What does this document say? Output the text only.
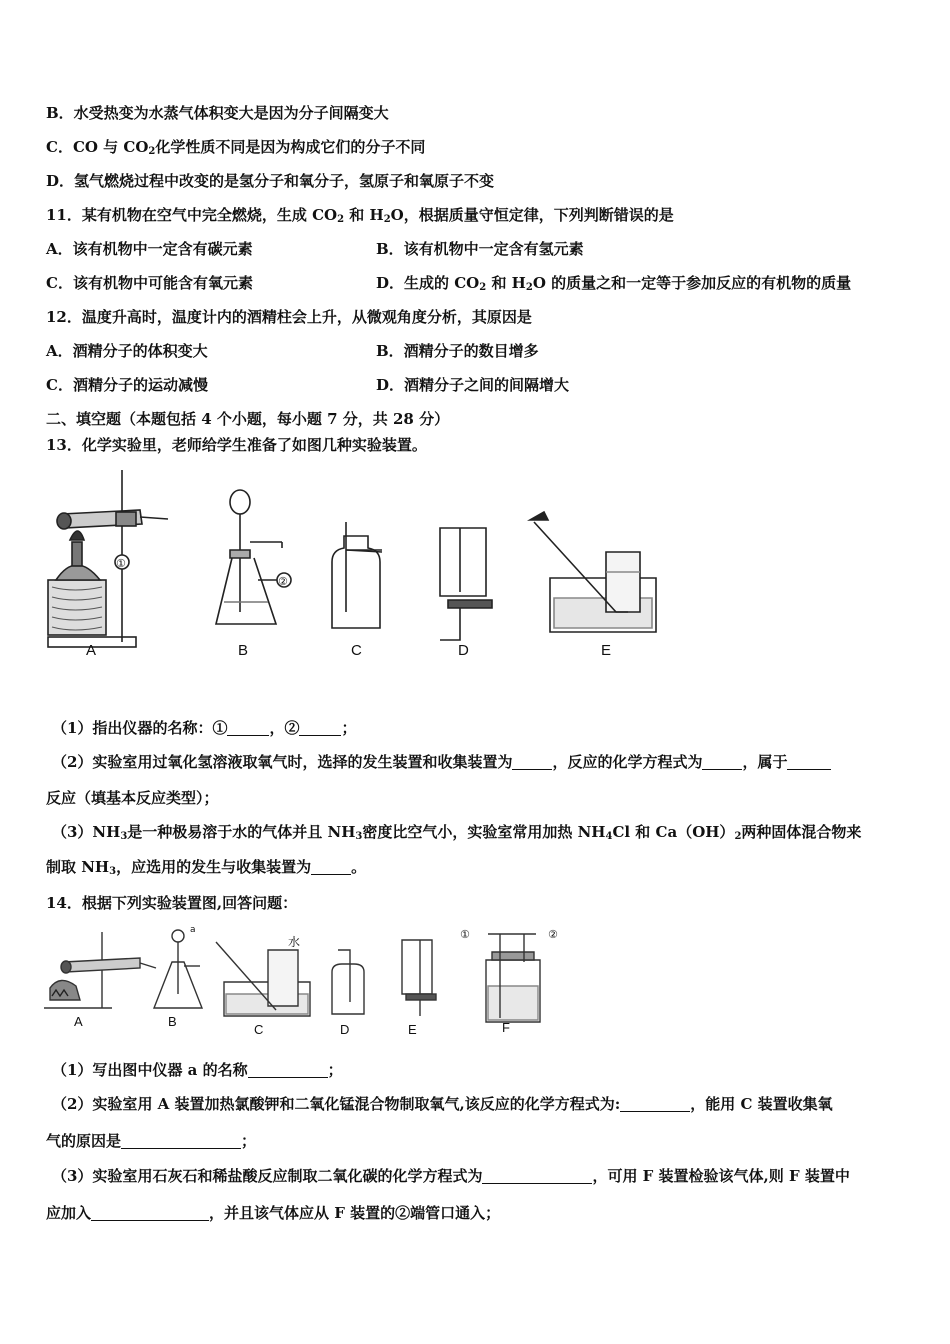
B．水受热变为水蒸气体积变大是因为分子间隔变大
C．CO 与 $CO_2$化学性质不同是因为构成它们的分子不同
D．氢气燃烧过程中改变的是氢分子和氧分子，氢原子和氧原子不变
11．某有机物在空气中完全燃烧，生成 $CO_2$ 和 $H_2O$，根据质量守恒定律，下列判断错误的是
A．该有机物中一定含有碳元素	B．该有机物中一定含有氢元素
C．该有机物中可能含有氧元素	D．生成的 $CO_2$ 和 $H_2O$ 的质量之和一定等于参加反应的有机物的质量
12．温度升高时，温度计内的酒精柱会上升，从微观角度分析，其原因是
A．酒精分子的体积变大	B．酒精分子的数目增多
C．酒精分子的运动减慢	D．酒精分子之间的间隔增大
二、填空题（本题包括 4 个小题，每小题 7 分，共 28 分）
13．化学实验里，老师给学生准备了如图几种实验装置。
①
②
A	B	C	D	E
（1）指出仪器的名称：①	，②	；
（2）实验室用过氧化氢溶液取氧气时，选择的发生装置和收集装置为	，反应的化学方程式为	，属于
反应（填基本反应类型）；
$(3)NH_3$是一种极易溶于水的气体并且 $NH_3$密度比空气小，实验室常用加热 $NH_4Cl$ 和 $Ca(OH)_2$两种固体混合物来
制取 $NH_3$，应选用的发生与收集装置为	。
14．根据下列实验装置图,回答问题：
a
水
①	②
A	B
C	D	E	F
（1）写出图中仪器 a 的名称	；
（2）实验室用 A 装置加热氯酸钾和二氧化锰混合物制取氧气,该反应的化学方程式为:	，能用 C 装置收集氧
气的原因是	；
（3）实验室用石灰石和稀盐酸反应制取二氧化碳的化学方程式为	，可用 F 装置检验该气体,则 F 装置中
应加入	，并且该气体应从 F 装置的②端管口通入；
